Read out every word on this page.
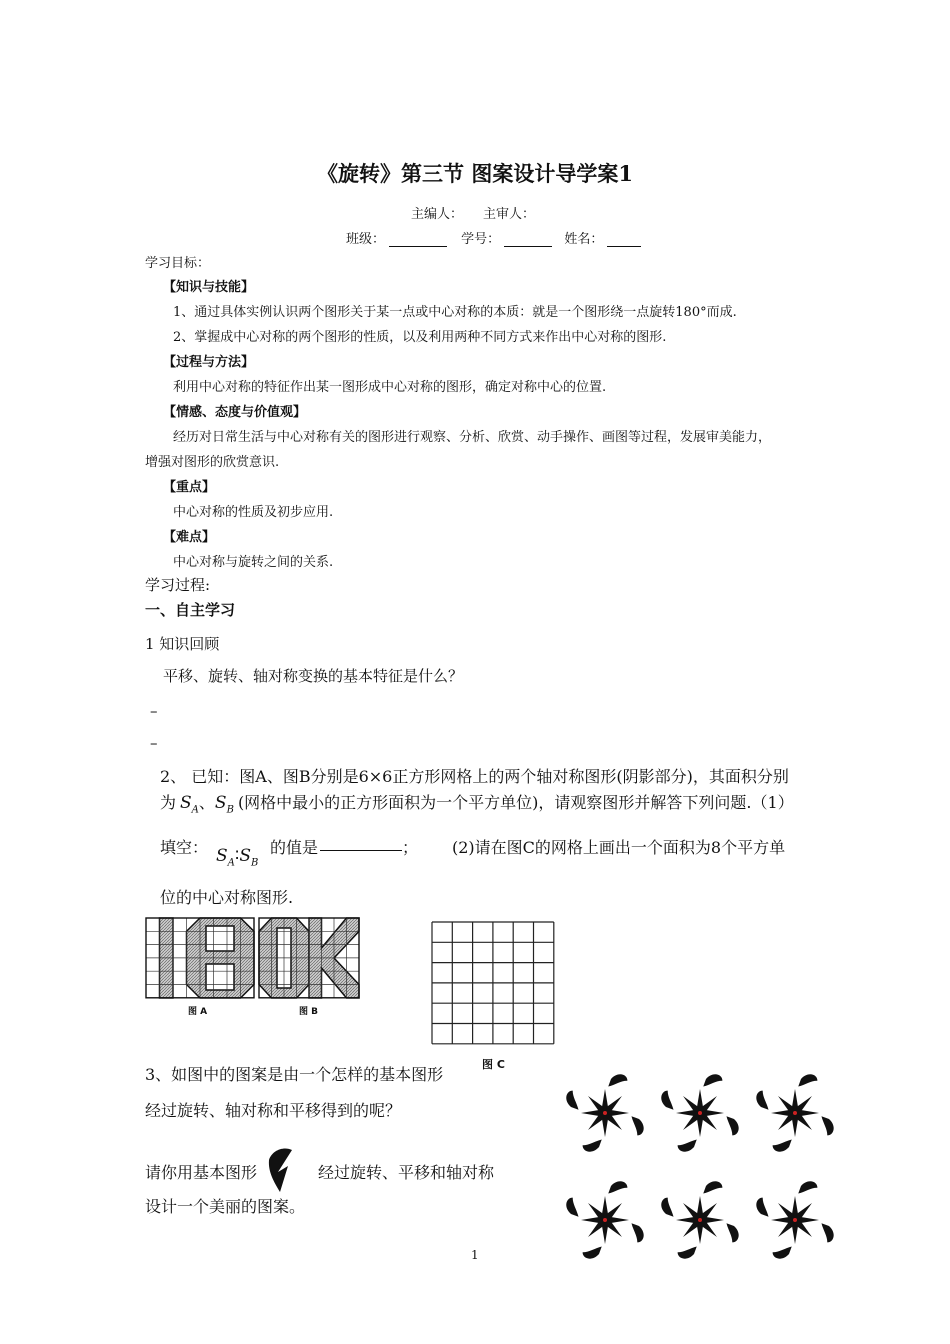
《旋转》第三节 图案设计导学案1
主编人： 主审人：
班级：	学号：	姓名：
学习目标：
【知识与技能】
1、通过具体实例认识两个图形关于某一点或中心对称的本质：就是一个图形绕一点旋转180°而成.
2、掌握成中心对称的两个图形的性质，以及利用两种不同方式来作出中心对称的图形.
【过程与方法】
利用中心对称的特征作出某一图形成中心对称的图形，确定对称中心的位置.
【情感、态度与价值观】
经历对日常生活与中心对称有关的图形进行观察、分析、欣赏、动手操作、画图等过程，发展审美能力，
增强对图形的欣赏意识.
【重点】
中心对称的性质及初步应用.
【难点】
中心对称与旋转之间的关系.
学习过程:
一、自主学习
1 知识回顾
平移、旋转、轴对称变换的基本特征是什么？
–
–
2、 已知：图A、图B分别是6×6正方形网格上的两个轴对称图形(阴影部分)，其面积分别
为 $S_A$、$S_B$ (网格中最小的正方形面积为一个平方单位)，请观察图形并解答下列问题.（1）
填空： $S_A∶S_B$
的值是	； (2)请在图C的网格上画出一个面积为8个平方单
位的中心对称图形.
图 A	图 B
图 C
3、如图中的图案是由一个怎样的基本图形
经过旋转、轴对称和平移得到的呢？
请你用基本图形	经过旋转、平移和轴对称
设计一个美丽的图案。
1
